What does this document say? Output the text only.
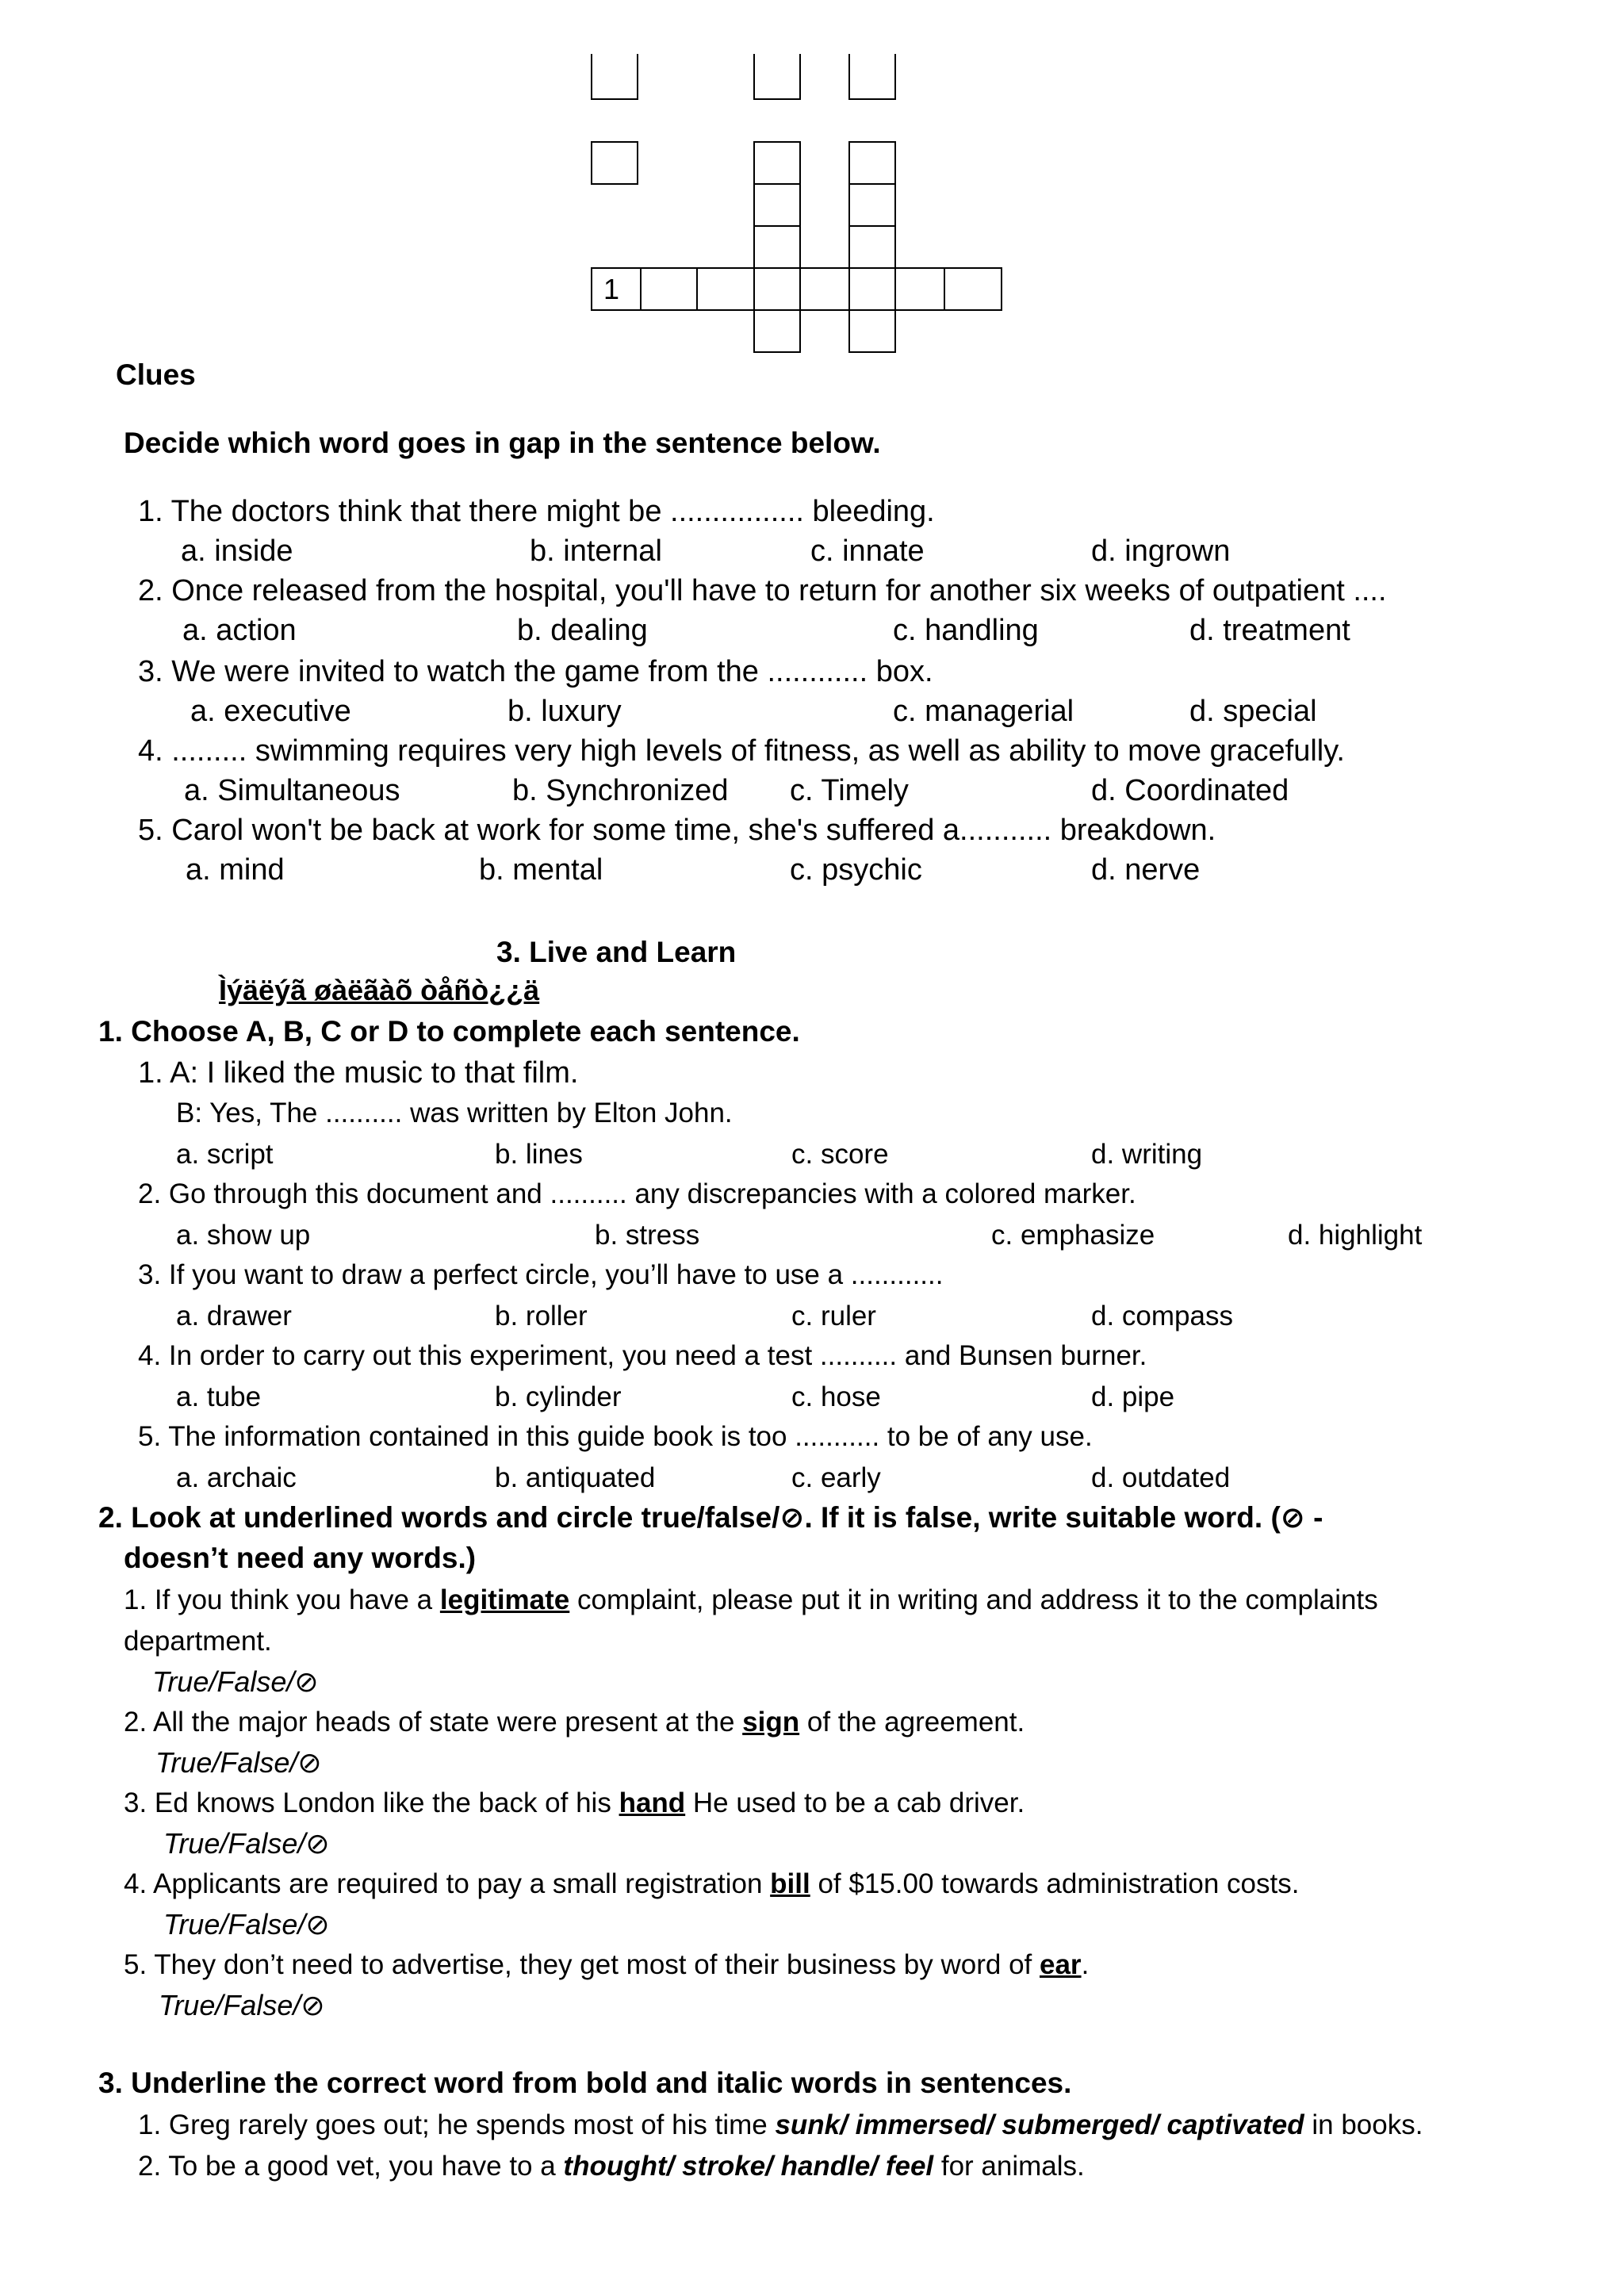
1
Clues
Decide which word goes in gap in the sentence below.
1. The doctors think that there might be ................ bleeding.
a. inside	b. internal	c. innate	d. ingrown
2. Once released from the hospital, you'll have to return for another six weeks of outpatient ....
a. action	b. dealing	c. handling	d. treatment
3. We were invited to watch the game from the ............ box.
a. executive	b. luxury	c. managerial	d. special
4. ......... swimming requires very high levels of fitness, as well as ability to move gracefully.
a. Simultaneous	b. Synchronized c. Timely	d. Coordinated
5. Carol won't be back at work for some time, she's suffered a........... breakdown.
a. mind	b. mental	c. psychic	d. nerve
3. Live and Learn
Ìýäëýã øàëãàõ òåñò¿¿ä
1. Choose A, B, C or D to complete each sentence.
1. A: I liked the music to that film.
B: Yes, The .......... was written by Elton John.
a. script	b. lines	c. score	d. writing
2. Go through this document and .......... any discrepancies with a colored marker.
a. show up	b. stress	c. emphasize	d. highlight
3. If you want to draw a perfect circle, you’ll have to use a ............
a. drawer	b. roller	c. ruler	d. compass
4. In order to carry out this experiment, you need a test .......... and Bunsen burner.
a. tube	b. cylinder	c. hose	d. pipe
5. The information contained in this guide book is too ........... to be of any use.
a. archaic	b. antiquated	c. early	d. outdated
2. Look at underlined words and circle true/false/⊘. If it is false, write suitable word. (⊘ -
doesn’t need any words.)
1. If you think you have a legitimate complaint, please put it in writing and address it to the complaints
department.
True/False/⊘
2. All the major heads of state were present at the sign of the agreement.
True/False/⊘
3. Ed knows London like the back of his hand He used to be a cab driver.
True/False/⊘
4. Applicants are required to pay a small registration bill of $15.00 towards administration costs.
True/False/⊘
5. They don’t need to advertise, they get most of their business by word of ear.
True/False/⊘
3. Underline the correct word from bold and italic words in sentences.
1. Greg rarely goes out; he spends most of his time sunk/ immersed/ submerged/ captivated in books.
2. To be a good vet, you have to a thought/ stroke/ handle/ feel for animals.
